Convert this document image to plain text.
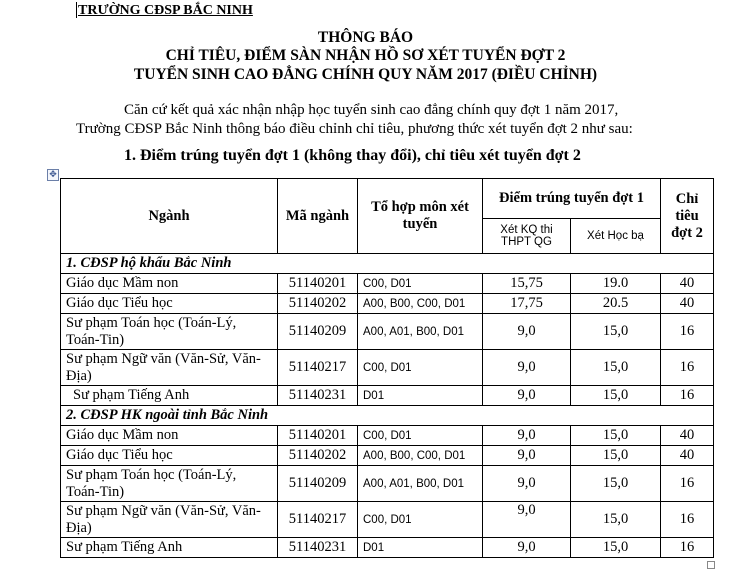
TRƯỜNG CĐSP BẮC NINH
THÔNG BÁO
CHỈ TIÊU, ĐIỂM SÀN NHẬN HỒ SƠ XÉT TUYỂN ĐỢT 2
TUYỂN SINH CAO ĐẲNG CHÍNH QUY NĂM 2017 (ĐIỀU CHỈNH)
Căn cứ kết quả xác nhận nhập học tuyển sinh cao đẳng chính quy đợt 1 năm 2017,
Trường CĐSP Bắc Ninh thông báo điều chỉnh chỉ tiêu, phương thức xét tuyển đợt 2 như sau:
1. Điểm trúng tuyển đợt 1 (không thay đổi), chỉ tiêu xét tuyển đợt 2
✥
Ngành	Mã ngành	Tổ hợp môn xét tuyển	Điểm trúng tuyển đợt 1		Chỉ tiêu đợt 2
			Xét KQ thi THPT QG	Xét Học bạ	
1. CĐSP hộ khẩu Bắc Ninh					
Giáo dục Mầm non	51140201	C00, D01	15,75	19.0	40
Giáo dục Tiểu học	51140202	A00, B00, C00, D01	17,75	20.5	40
Sư phạm Toán học (Toán-Lý, Toán-Tin)	51140209	A00, A01, B00, D01	9,0	15,0	16
Sư phạm Ngữ văn (Văn-Sử, Văn-Địa)	51140217	C00, D01	9,0	15,0	16
Sư phạm Tiếng Anh	51140231	D01	9,0	15,0	16
2. CĐSP HK ngoài tỉnh Bắc Ninh					
Giáo dục Mầm non	51140201	C00, D01	9,0	15,0	40
Giáo dục Tiểu học	51140202	A00, B00, C00, D01	9,0	15,0	40
Sư phạm Toán học (Toán-Lý, Toán-Tin)	51140209	A00, A01, B00, D01	9,0	15,0	16
Sư phạm Ngữ văn (Văn-Sử, Văn-Địa)	51140217	C00, D01	9,0	15,0	16
Sư phạm Tiếng Anh	51140231	D01	9,0	15,0	16
